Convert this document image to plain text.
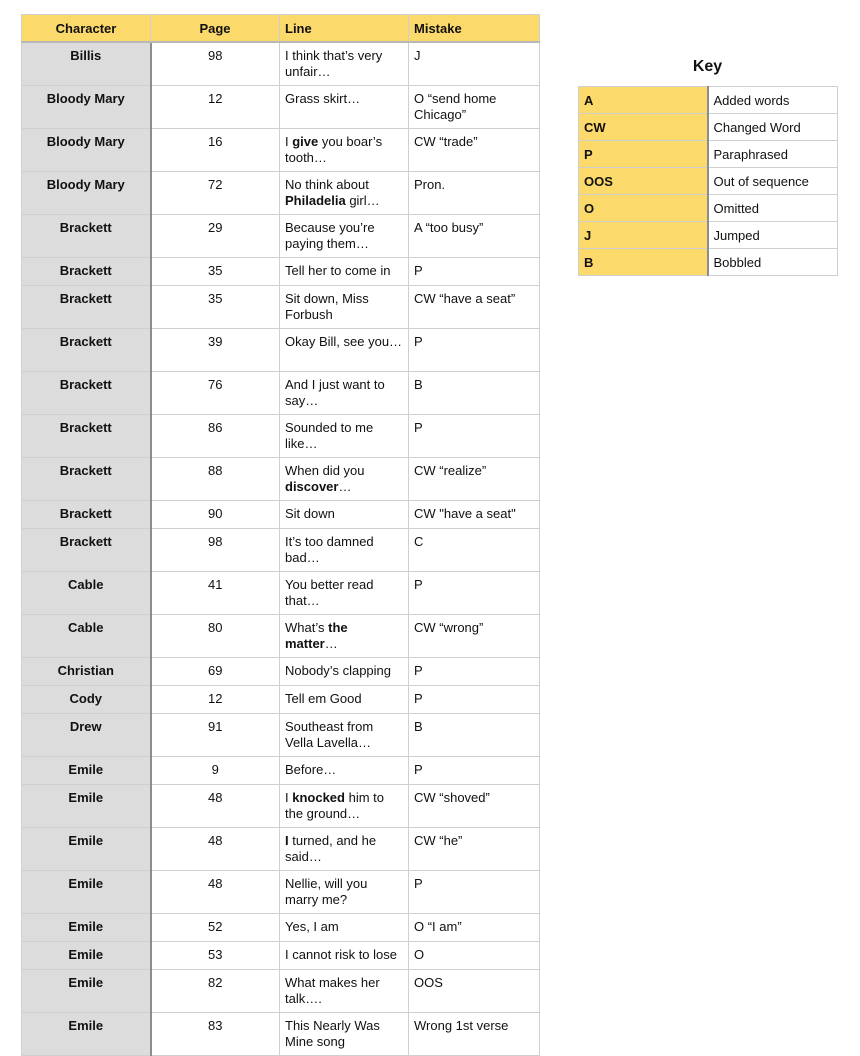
Character	Page	Line	Mistake
Billis	98	I think that’s very unfair…	J
Bloody Mary	12	Grass skirt…	O “send home Chicago”
Bloody Mary	16	I give you boar’s tooth…	CW “trade”
Bloody Mary	72	No think about Philadelia girl…	Pron.
Brackett	29	Because you’re paying them…	A “too busy”
Brackett	35	Tell her to come in	P
Brackett	35	Sit down, Miss Forbush	CW “have a seat”
Brackett	39	Okay Bill, see you…	P
Brackett	76	And I just want to say…	B
Brackett	86	Sounded to me like…	P
Brackett	88	When did you discover…	CW “realize”
Brackett	90	Sit down	CW "have a seat"
Brackett	98	It’s too damned bad…	C
Cable	41	You better read that…	P
Cable	80	What’s the matter…	CW “wrong”
Christian	69	Nobody’s clapping	P
Cody	12	Tell em Good	P
Drew	91	Southeast from Vella Lavella…	B
Emile	9	Before…	P
Emile	48	I knocked him to the ground…	CW “shoved”
Emile	48	I turned, and he said…	CW “he”
Emile	48	Nellie, will you marry me?	P
Emile	52	Yes, I am	O “I am”
Emile	53	I cannot risk to lose	O
Emile	82	What makes her talk….	OOS
Emile	83	This Nearly Was Mine song	Wrong 1st verse
Key
A	Added words
CW	Changed Word
P	Paraphrased
OOS	Out of sequence
O	Omitted
J	Jumped
B	Bobbled
